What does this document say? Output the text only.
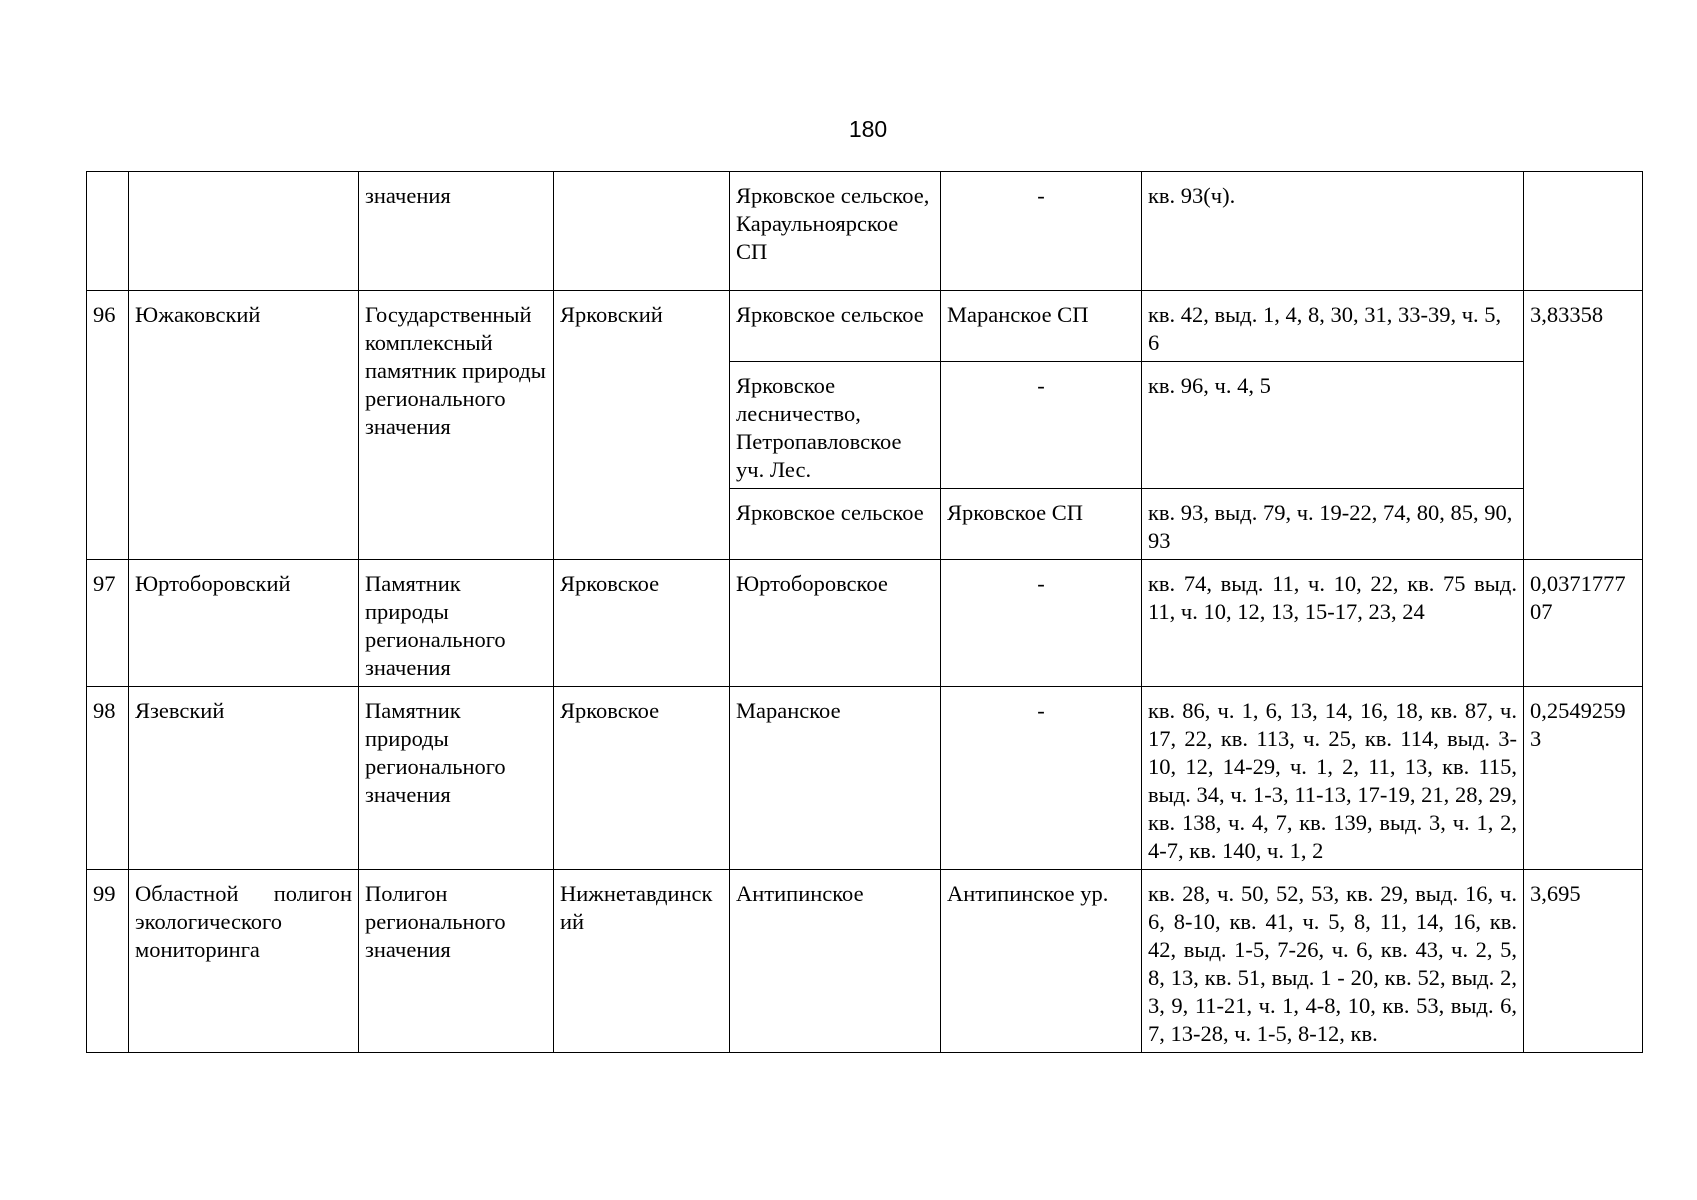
180
		значения		Ярковское сельское, Караульноярское СП	-	кв. 93(ч).	
96	Южаковский	Государственный комплексный памятник природы регионального значения	Ярковский	Ярковское сельское	Маранское СП	кв. 42, выд. 1, 4, 8, 30, 31, 33-39, ч. 5, 6	3,83358
				Ярковское лесничество, Петропавловское уч. Лес.	-	кв. 96, ч. 4, 5	
				Ярковское сельское	Ярковское СП	кв. 93, выд. 79, ч. 19-22, 74, 80, 85, 90, 93	
97	Юртоборовский	Памятник природы регионального значения	Ярковское	Юртоборовское	-	кв. 74, выд. 11, ч. 10, 22, кв. 75 выд. 11, ч. 10, 12, 13, 15-17, 23, 24	0,037177707
98	Язевский	Памятник природы регионального значения	Ярковское	Маранское	-	кв. 86, ч. 1, 6, 13, 14, 16, 18, кв. 87, ч. 17, 22, кв. 113, ч. 25, кв. 114, выд. 3-10, 12, 14-29, ч. 1, 2, 11, 13, кв. 115, выд. 34, ч. 1-3, 11-13, 17-19, 21, 28, 29, кв. 138, ч. 4, 7, кв. 139, выд. 3, ч. 1, 2, 4-7, кв. 140, ч. 1, 2	0,25492593
99	Областной полигон экологического мониторинга	Полигон регионального значения	Нижнетавдинский	Антипинское	Антипинское ур.	кв. 28, ч. 50, 52, 53, кв. 29, выд. 16, ч. 6, 8-10, кв. 41, ч. 5, 8, 11, 14, 16, кв. 42, выд. 1-5, 7-26, ч. 6, кв. 43, ч. 2, 5, 8, 13, кв. 51, выд. 1 - 20, кв. 52, выд. 2, 3, 9, 11-21, ч. 1, 4-8, 10, кв. 53, выд. 6, 7, 13-28, ч. 1-5, 8-12, кв.	3,695
